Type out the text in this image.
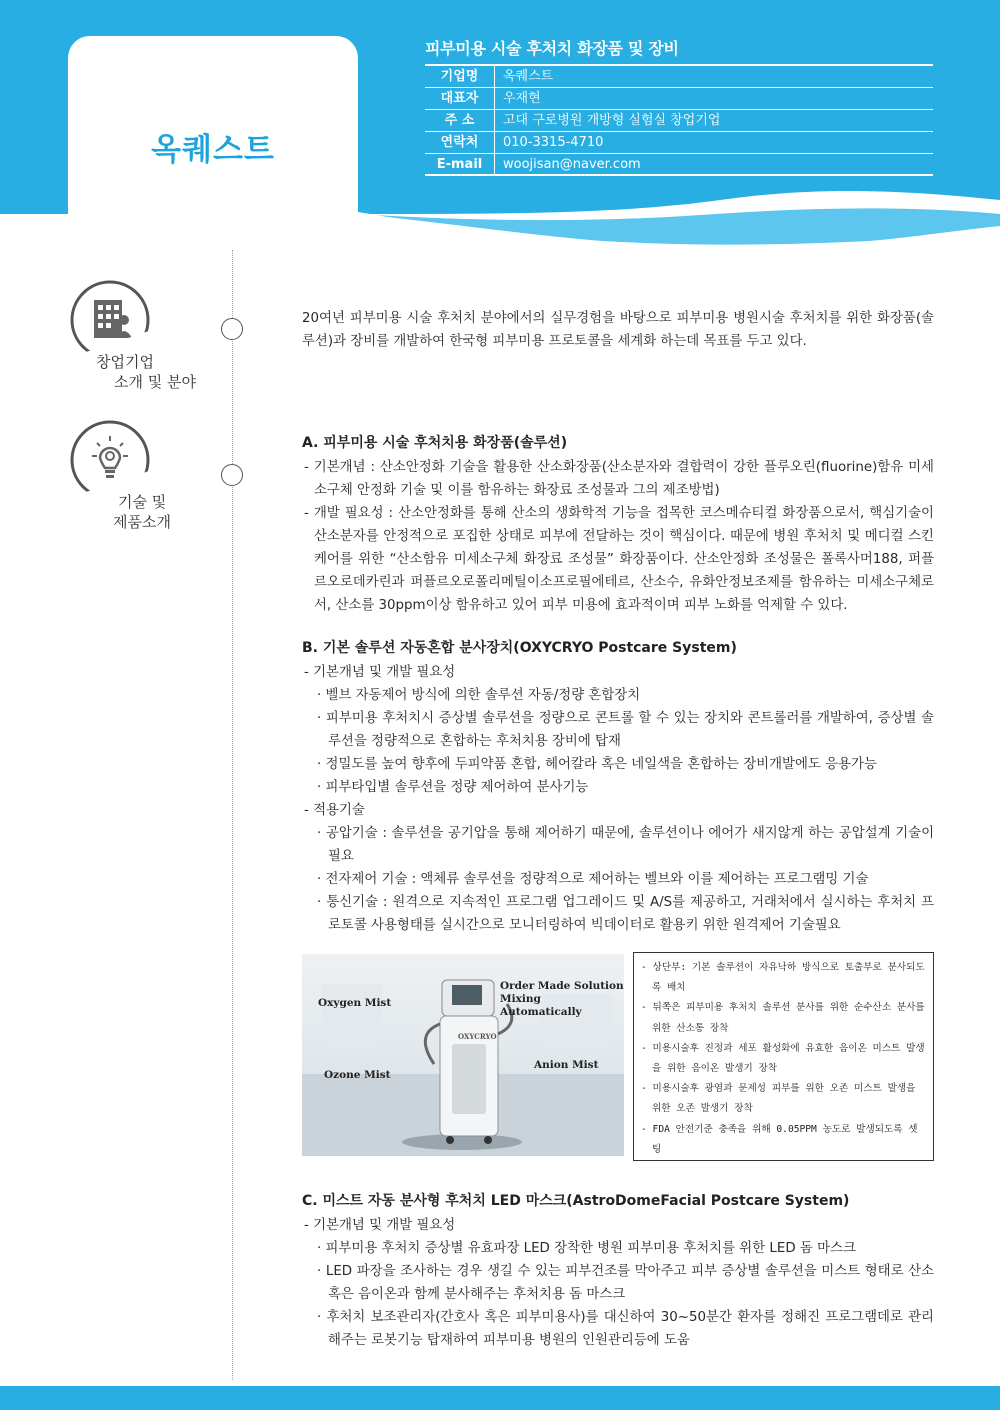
옥퀘스트
피부미용 시술 후처치 화장품 및 장비
기업명	옥퀘스트
대표자	우재현
주 소	고대 구로병원 개방형 실험실 창업기업
연락처	010-3315-4710
E-mail	woojisan@naver.com
창업기업
소개 및 분야
기술 및
제품소개
20여년 피부미용 시술 후처치 분야에서의 실무경험을 바탕으로 피부미용 병원시술 후처치를 위한 화장품(솔루션)과 장비를 개발하여 한국형 피부미용 프로토콜을 세계화 하는데 목표를 두고 있다.
A. 피부미용 시술 후처치용 화장품(솔루션)
- 기본개념 : 산소안정화 기술을 활용한 산소화장품(산소분자와 결합력이 강한 플루오린(fluorine)함유 미세소구체 안정화 기술 및 이를 함유하는 화장료 조성물과 그의 제조방법)
- 개발 필요성 : 산소안정화를 통해 산소의 생화학적 기능을 접목한 코스메슈티컬 화장품으로서, 핵심기술이 산소분자를 안정적으로 포집한 상태로 피부에 전달하는 것이 핵심이다. 때문에 병원 후처치 및 메디컬 스킨케어를 위한 “산소함유 미세소구체 화장료 조성물” 화장품이다. 산소안정화 조성물은 폴록사머188, 퍼플르오로데카린과 퍼플르오로폴리메틸이소프로필에테르, 산소수, 유화안정보조제를 함유하는 미세소구체로서, 산소를 30ppm이상 함유하고 있어 피부 미용에 효과적이며 피부 노화를 억제할 수 있다.
B. 기본 솔루션 자동혼합 분사장치(OXYCRYO Postcare System)
- 기본개념 및 개발 필요성
· 벨브 자동제어 방식에 의한 솔루션 자동/정량 혼합장치
· 피부미용 후처치시 증상별 솔루션을 정량으로 콘트롤 할 수 있는 장치와 콘트롤러를 개발하여, 증상별 솔루션을 정량적으로 혼합하는 후처치용 장비에 탑재
· 정밀도를 높여 향후에 두피약품 혼합, 헤어칼라 혹은 네일색을 혼합하는 장비개발에도 응용가능
· 피부타입별 솔루션을 정량 제어하여 분사기능
- 적용기술
· 공압기술 : 솔루션을 공기압을 통해 제어하기 때문에, 솔루션이나 에어가 새지않게 하는 공압설계 기술이 필요
· 전자제어 기술 : 액체류 솔루션을 정량적으로 제어하는 벨브와 이를 제어하는 프로그램밍 기술
· 통신기술 : 원격으로 지속적인 프로그램 업그레이드 및 A/S를 제공하고, 거래처에서 실시하는 후처치 프로토콜 사용형태를 실시간으로 모니터링하여 빅데이터로 활용키 위한 원격제어 기술필요
Oxygen Mist
Ozone Mist
Order Made Solution
Mixing Automatically
Anion Mist
OXYCRYO
- 상단부: 기본 솔루션이 자유낙하 방식으로 토출부로 분사되도록 배치
- 뒤쪽은 피부미용 후처치 솔루션 분사를 위한 순수산소 분사를 위한 산소통 장착
- 미용시술후 진정과 세포 활성화에 유효한 음이온 미스트 발생을 위한 음이온 발생기 장착
- 미용시술후 광염과 문제성 피부를 위한 오존 미스트 발생을 위한 오존 발생기 장착
- FDA 안전기준 충족을 위해 0.05PPM 농도로 발생되도록 셋팅
C. 미스트 자동 분사형 후처치 LED 마스크(AstroDomeFacial Postcare System)
- 기본개념 및 개발 필요성
· 피부미용 후처치 증상별 유효파장 LED 장착한 병원 피부미용 후처치를 위한 LED 돔 마스크
· LED 파장을 조사하는 경우 생길 수 있는 피부건조를 막아주고 피부 증상별 솔루션을 미스트 형태로 산소 혹은 음이온과 함께 분사해주는 후처치용 돔 마스크
· 후처치 보조관리자(간호사 혹은 피부미용사)를 대신하여 30~50분간 환자를 정해진 프로그램데로 관리해주는 로봇기능 탑재하여 피부미용 병원의 인원관리등에 도움
